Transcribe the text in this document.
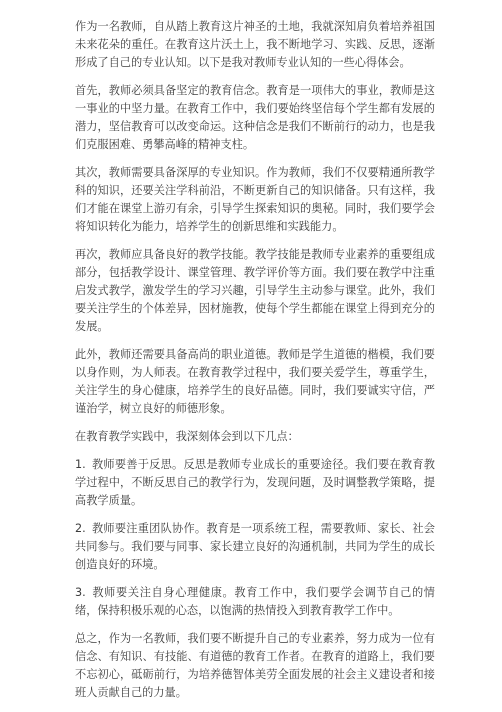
作为一名教师，自从踏上教育这片神圣的土地，我就深知肩负着培养祖国未来花朵的重任。在教育这片沃土上，我不断地学习、实践、反思，逐渐形成了自己的专业认知。以下是我对教师专业认知的一些心得体会。

首先，教师必须具备坚定的教育信念。教育是一项伟大的事业，教师是这一事业的中坚力量。在教育工作中，我们要始终坚信每个学生都有发展的潜力，坚信教育可以改变命运。这种信念是我们不断前行的动力，也是我们克服困难、勇攀高峰的精神支柱。

其次，教师需要具备深厚的专业知识。作为教师，我们不仅要精通所教学科的知识，还要关注学科前沿，不断更新自己的知识储备。只有这样，我们才能在课堂上游刃有余，引导学生探索知识的奥秘。同时，我们要学会将知识转化为能力，培养学生的创新思维和实践能力。

再次，教师应具备良好的教学技能。教学技能是教师专业素养的重要组成部分，包括教学设计、课堂管理、教学评价等方面。我们要在教学中注重启发式教学，激发学生的学习兴趣，引导学生主动参与课堂。此外，我们要关注学生的个体差异，因材施教，使每个学生都能在课堂上得到充分的发展。

此外，教师还需要具备高尚的职业道德。教师是学生道德的楷模，我们要以身作则，为人师表。在教育教学过程中，我们要关爱学生，尊重学生，关注学生的身心健康，培养学生的良好品德。同时，我们要诚实守信，严谨治学，树立良好的师德形象。

在教育教学实践中，我深刻体会到以下几点：

1. 教师要善于反思。反思是教师专业成长的重要途径。我们要在教育教学过程中，不断反思自己的教学行为，发现问题，及时调整教学策略，提高教学质量。

2. 教师要注重团队协作。教育是一项系统工程，需要教师、家长、社会共同参与。我们要与同事、家长建立良好的沟通机制，共同为学生的成长创造良好的环境。

3. 教师要关注自身心理健康。教育工作中，我们要学会调节自己的情绪，保持积极乐观的心态，以饱满的热情投入到教育教学工作中。

总之，作为一名教师，我们要不断提升自己的专业素养，努力成为一位有信念、有知识、有技能、有道德的教育工作者。在教育的道路上，我们要不忘初心，砥砺前行，为培养德智体美劳全面发展的社会主义建设者和接班人贡献自己的力量。
